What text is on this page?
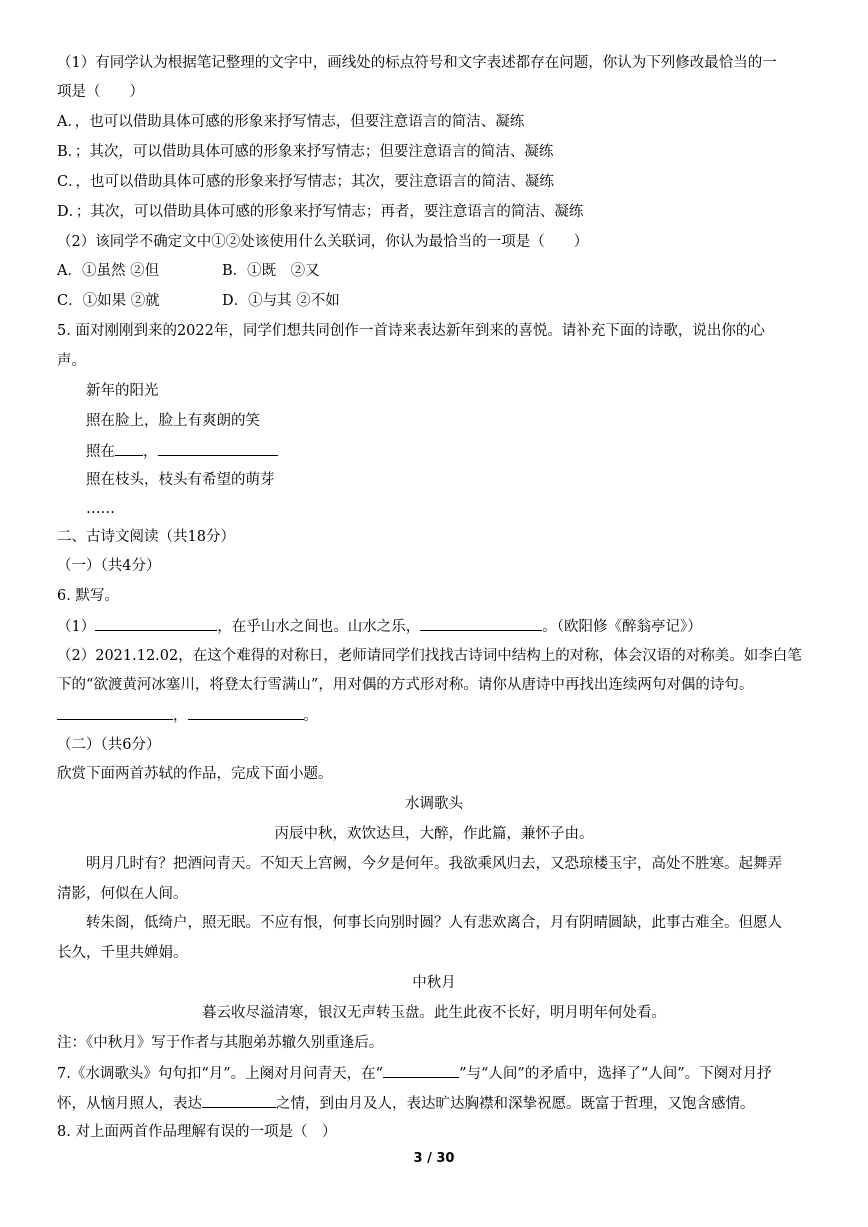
（1）有同学认为根据笔记整理的文字中，画线处的标点符号和文字表述都存在问题，你认为下列修改最恰当的一
项是（　　）
A．，也可以借助具体可感的形象来抒写情志，但要注意语言的简洁、凝练
B．；其次，可以借助具体可感的形象来抒写情志；但要注意语言的简洁、凝练
C．，也可以借助具体可感的形象来抒写情志；其次，要注意语言的简洁、凝练
D．；其次，可以借助具体可感的形象来抒写情志；再者，要注意语言的简洁、凝练
（2）该同学不确定文中①②处该使用什么关联词，你认为最恰当的一项是（　　）
A．①虽然 ②但	B．①既　②又
C．①如果 ②就	D．①与其 ②不如
5. 面对刚刚到来的2022年，同学们想共同创作一首诗来表达新年到来的喜悦。请补充下面的诗歌，说出你的心
声。
新年的阳光
照在脸上，脸上有爽朗的笑
照在 ，
照在枝头，枝头有希望的萌芽
……
二、古诗文阅读（共18分）
（一）（共4分）
6. 默写。
（1）	，在乎山水之间也。山水之乐，	。（欧阳修《醉翁亭记》）
（2）2021.12.02，在这个难得的对称日，老师请同学们找找古诗词中结构上的对称，体会汉语的对称美。如李白笔
下的“欲渡黄河冰塞川，将登太行雪满山”，用对偶的方式形对称。请你从唐诗中再找出连续两句对偶的诗句。
，	。
（二）（共6分）
欣赏下面两首苏轼的作品，完成下面小题。
水调歌头
丙辰中秋，欢饮达旦，大醉，作此篇，兼怀子由。
明月几时有？把酒问青天。不知天上宫阙，今夕是何年。我欲乘风归去，又恐琼楼玉宇，高处不胜寒。起舞弄
清影，何似在人间。
转朱阁，低绮户，照无眠。不应有恨，何事长向别时圆？人有悲欢离合，月有阴晴圆缺，此事古难全。但愿人
长久，千里共婵娟。
中秋月
暮云收尽溢清寒，银汉无声转玉盘。此生此夜不长好，明月明年何处看。
注：《中秋月》写于作者与其胞弟苏辙久别重逢后。
7.《水调歌头》句句扣“月”。上阕对月问青天，在“	”与“人间”的矛盾中，选择了“人间”。下阕对月抒
怀，从恼月照人，表达	之情，到由月及人，表达旷达胸襟和深挚祝愿。既富于哲理，又饱含感情。
8. 对上面两首作品理解有误的一项是（　）
3 / 30
